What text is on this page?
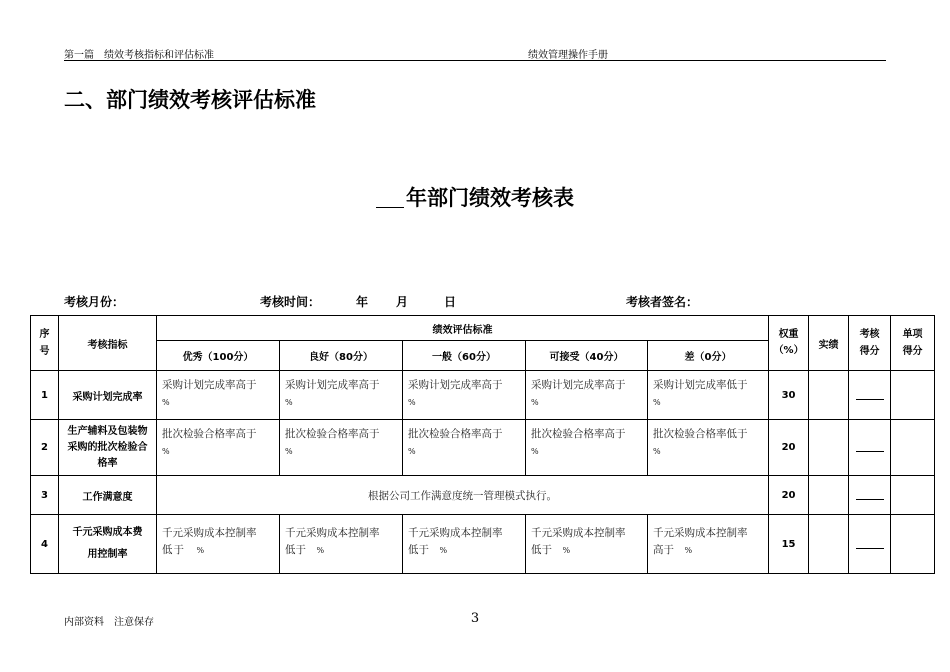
第一篇　绩效考核指标和评估标准	绩效管理操作手册
二、部门绩效考核评估标准
年部门绩效考核表
考核月份：	考核时间：	年 月	日	考核者签名：
序号	考核指标	绩效评估标准					权重（%）	实绩	考核得分	单项得分

		优秀（100分）	良好（80分）	一般（60分）	可接受（40分）	差（0分）				
1	采购计划完成率	采购计划完成率高于
%	采购计划完成率高于
%	采购计划完成率高于
%	采购计划完成率高于
%	采购计划完成率低于
%	30			
2	生产辅料及包装物采购的批次检验合格率	批次检验合格率高于
%	批次检验合格率高于
%	批次检验合格率高于
%	批次检验合格率高于
%	批次检验合格率低于
%	20			
3	工作满意度	根据公司工作满意度统一管理模式执行。					20			
4	千元采购成本费用控制率	千元采购成本控制率
低于　%	千元采购成本控制率
低于　%	千元采购成本控制率
低于　%	千元采购成本控制率
低于　%	千元采购成本控制率
高于　%	15			
内部资料　注意保存	3
